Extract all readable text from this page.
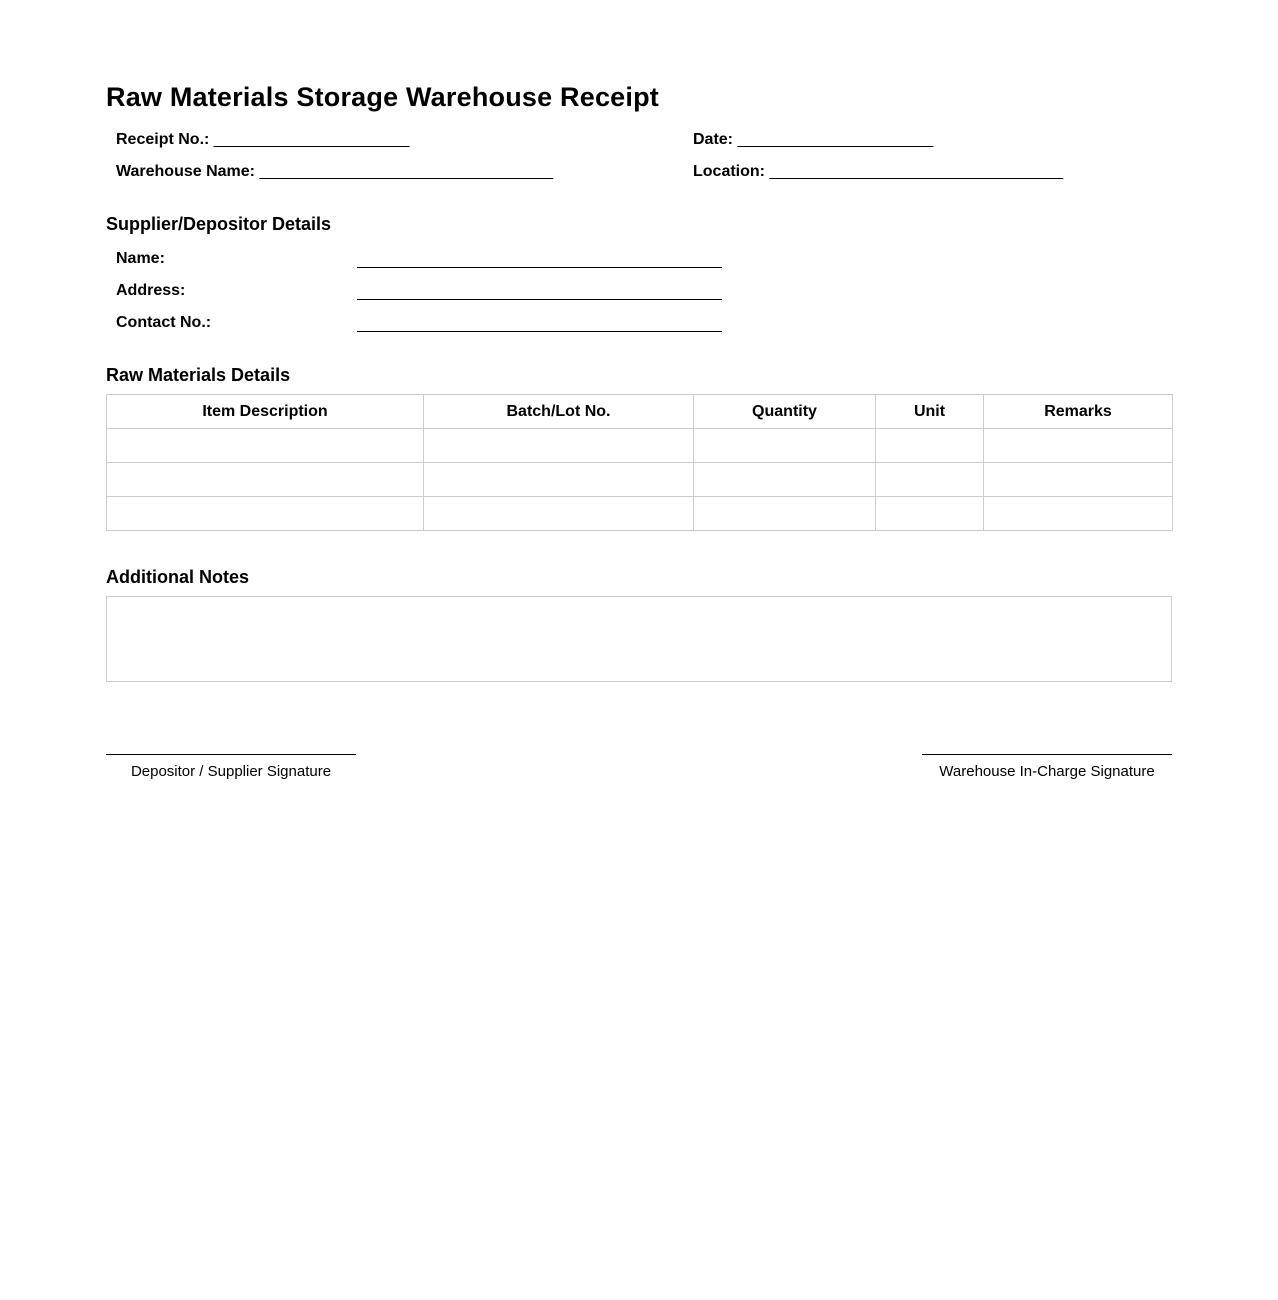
Raw Materials Storage Warehouse Receipt
Receipt No.: ______________________	Date: ______________________
Warehouse Name: _________________________________	Location: _________________________________
Supplier/Depositor Details
Name:
Address:
Contact No.:
Raw Materials Details
Item Description	Batch/Lot No.	Quantity	Unit	Remarks

Additional Notes
Depositor / Supplier Signature	Warehouse In-Charge Signature
